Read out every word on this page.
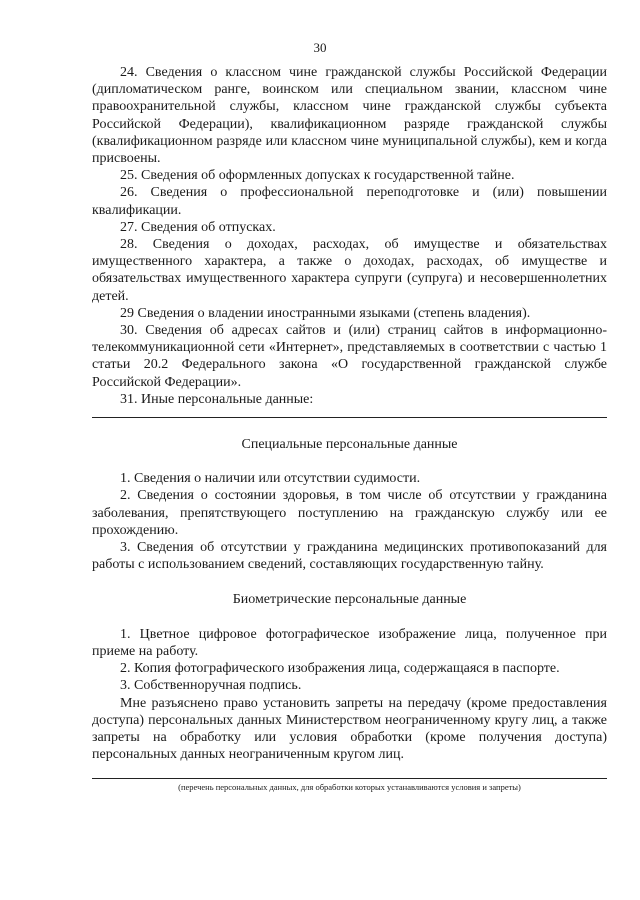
30

24. Сведения о классном чине гражданской службы Российской Федерации (дипломатическом ранге, воинском или специальном звании, классном чине правоохранительной службы, классном чине гражданской службы субъекта Российской Федерации), квалификационном разряде гражданской службы (квалификационном разряде или классном чине муниципальной службы), кем и когда присвоены.

25. Сведения об оформленных допусках к государственной тайне.

26. Сведения о профессиональной переподготовке и (или) повышении квалификации.

27. Сведения об отпусках.

28. Сведения о доходах, расходах, об имуществе и обязательствах имущественного характера, а также о доходах, расходах, об имуществе и обязательствах имущественного характера супруги (супруга) и несовершеннолетних детей.

29 Сведения о владении иностранными языками (степень владения).

30. Сведения об адресах сайтов и (или) страниц сайтов в информационно-телекоммуникационной сети «Интернет», представляемых в соответствии с частью 1 статьи 20.2 Федерального закона «О государственной гражданской службе Российской Федерации».

31. Иные персональные данные:

Специальные персональные данные

1. Сведения о наличии или отсутствии судимости.

2. Сведения о состоянии здоровья, в том числе об отсутствии у гражданина заболевания, препятствующего поступлению на гражданскую службу или ее прохождению.

3. Сведения об отсутствии у гражданина медицинских противопоказаний для работы с использованием сведений, составляющих государственную тайну.

Биометрические персональные данные

1. Цветное цифровое фотографическое изображение лица, полученное при приеме на работу.

2. Копия фотографического изображения лица, содержащаяся в паспорте.

3. Собственноручная подпись.

Мне разъяснено право установить запреты на передачу (кроме предоставления доступа) персональных данных Министерством неограниченному кругу лиц, а также запреты на обработку или условия обработки (кроме получения доступа) персональных данных неограниченным кругом лиц.

(перечень персональных данных, для обработки которых устанавливаются условия и запреты)
